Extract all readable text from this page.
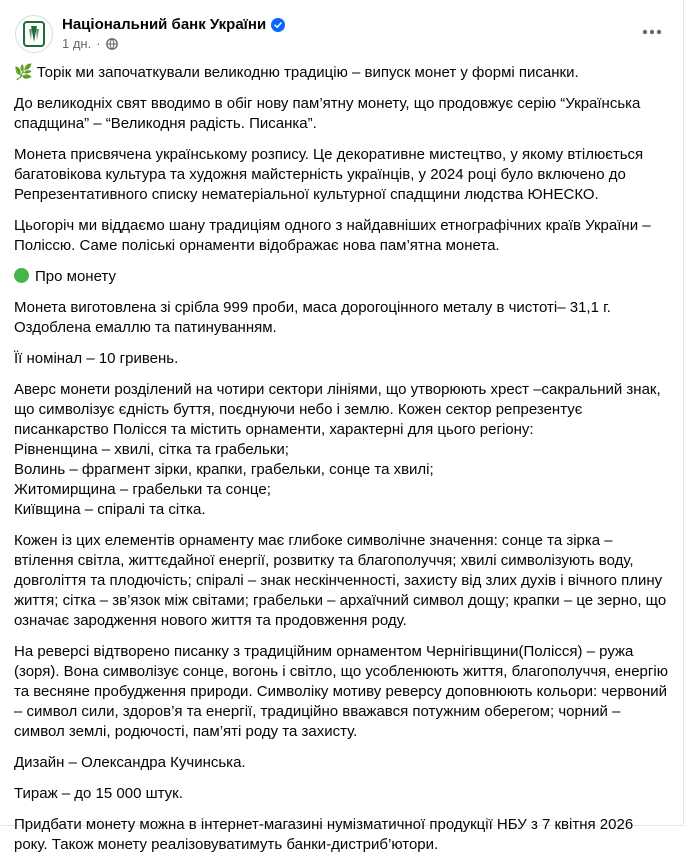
Національний банк України
1 дн. ·

🌿 Торік ми започаткували великодню традицію – випуск монет у формі писанки.

До великодніх свят вводимо в обіг нову пам’ятну монету, що продовжує серію “Українська спадщина” – “Великодня радість. Писанка”.

Монета присвячена українському розпису. Це декоративне мистецтво, у якому втілюється багатовікова культура та художня майстерність українців, у 2024 році було включено до Репрезентативного списку нематеріальної культурної спадщини людства ЮНЕСКО.

Цьогоріч ми віддаємо шану традиціям одного з найдавніших етнографічних країв України – Полісcю. Саме поліські орнаменти відображає нова пам’ятна монета.

Про монету

Монета виготовлена зі срібла 999 проби, маса дорогоцінного металу в чистоті– 31,1 г. Оздоблена емаллю та патинуванням.

Її номінал – 10 гривень.

Аверс монети розділений на чотири сектори лініями, що утворюють хрест –сакральний знак, що символізує єдність буття, поєднуючи небо і землю. Кожен сектор репрезентує писанкарство Полісся та містить орнаменти, характерні для цього регіону:
Рівненщина – хвилі, сітка та грабельки;
Волинь – фрагмент зірки, крапки, грабельки, сонце та хвилі;
Житомирщина – грабельки та сонце;
Київщина – спіралі та сітка.

Кожен із цих елементів орнаменту має глибоке символічне значення: сонце та зірка – втілення світла, життєдайної енергії, розвитку та благополуччя; хвилі символізують воду, довголіття та плодючість; спіралі – знак нескінченності, захисту від злих духів і вічного плину життя; сітка – зв’язок між світами; грабельки – архаїчний символ дощу; крапки – це зерно, що означає зародження нового життя та продовження роду.

На реверсі відтворено писанку з традиційним орнаментом Чернігівщини(Полісся) – ружа (зоря). Вона символізує сонце, вогонь і світло, що усобленюють життя, благополуччя, енергію та весняне пробудження природи. Символіку мотиву реверсу доповнюють кольори: червоний – символ сили, здоров’я та енергії, традиційно вважався потужним оберегом; чорний – символ землі, родючості, пам’яті роду та захисту.

Дизайн – Олександра Кучинська.

Тираж – до 15 000 штук.

Придбати монету можна в інтернет-магазині нумізматичної продукції НБУ з 7 квітня 2026 року. Також монету реалізовуватимуть банки-дистриб’ютори.
